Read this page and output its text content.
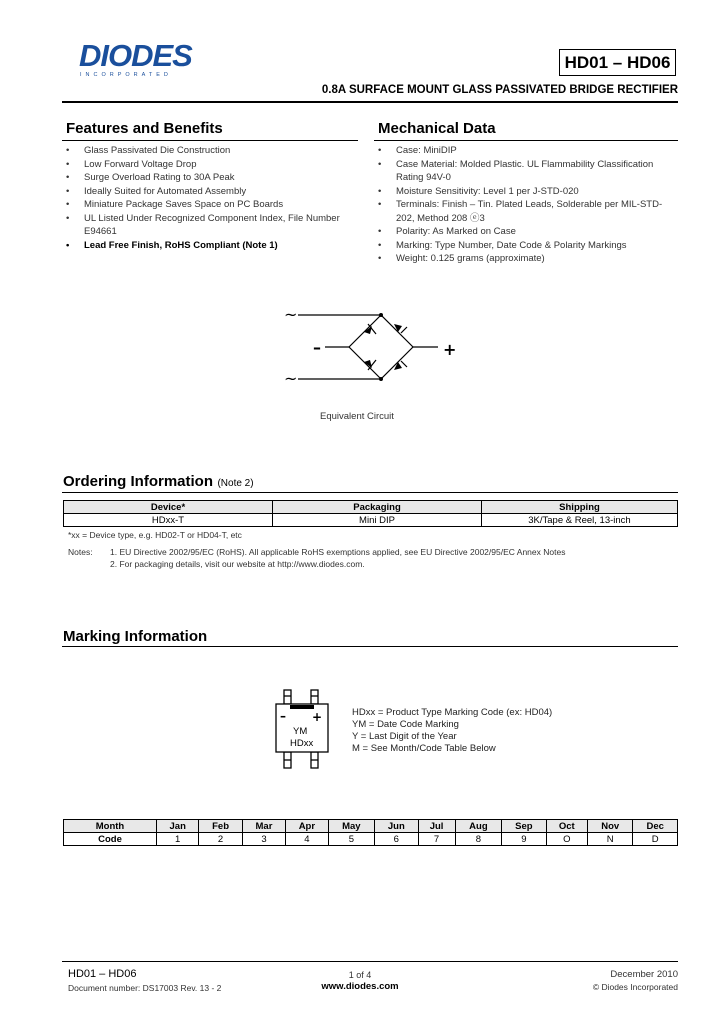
DIODES
INCORPORATED
HD01 – HD06
0.8A SURFACE MOUNT GLASS PASSIVATED BRIDGE RECTIFIER
Features and Benefits
• Glass Passivated Die Construction
• Low Forward Voltage Drop
• Surge Overload Rating to 30A Peak
• Ideally Suited for Automated Assembly
• Miniature Package Saves Space on PC Boards
• UL Listed Under Recognized Component Index, File Number E94661
• Lead Free Finish, RoHS Compliant (Note 1)
Mechanical Data
• Case: MiniDIP
• Case Material: Molded Plastic. UL Flammability Classification Rating 94V-0
• Moisture Sensitivity: Level 1 per J-STD-020
• Terminals: Finish – Tin. Plated Leads, Solderable per MIL-STD-202, Method 208 ⓔ3
• Polarity: As Marked on Case
• Marking: Type Number, Date Code & Polarity Markings
• Weight: 0.125 grams (approximate)
~
~
–	+
Equivalent Circuit
Ordering Information (Note 2)
Device*	Packaging	Shipping
HDxx-T	Mini DIP	3K/Tape & Reel, 13-inch
*xx = Device type, e.g. HD02-T or HD04-T, etc
Notes: 1. EU Directive 2002/95/EC (RoHS). All applicable RoHS exemptions applied, see EU Directive 2002/95/EC Annex Notes
2. For packaging details, visit our website at http://www.diodes.com.
Marking Information
– +
YM
HDxx
HDxx = Product Type Marking Code (ex: HD04)
YM = Date Code Marking
Y = Last Digit of the Year
M = See Month/Code Table Below
Month	Jan	Feb	Mar	Apr	May	Jun	Jul	Aug	Sep	Oct	Nov	Dec
Code	1	2	3	4	5	6	7	8	9	O	N	D
HD01 – HD06
Document number: DS17003 Rev. 13 - 2
1 of 4
www.diodes.com
December 2010
© Diodes Incorporated
